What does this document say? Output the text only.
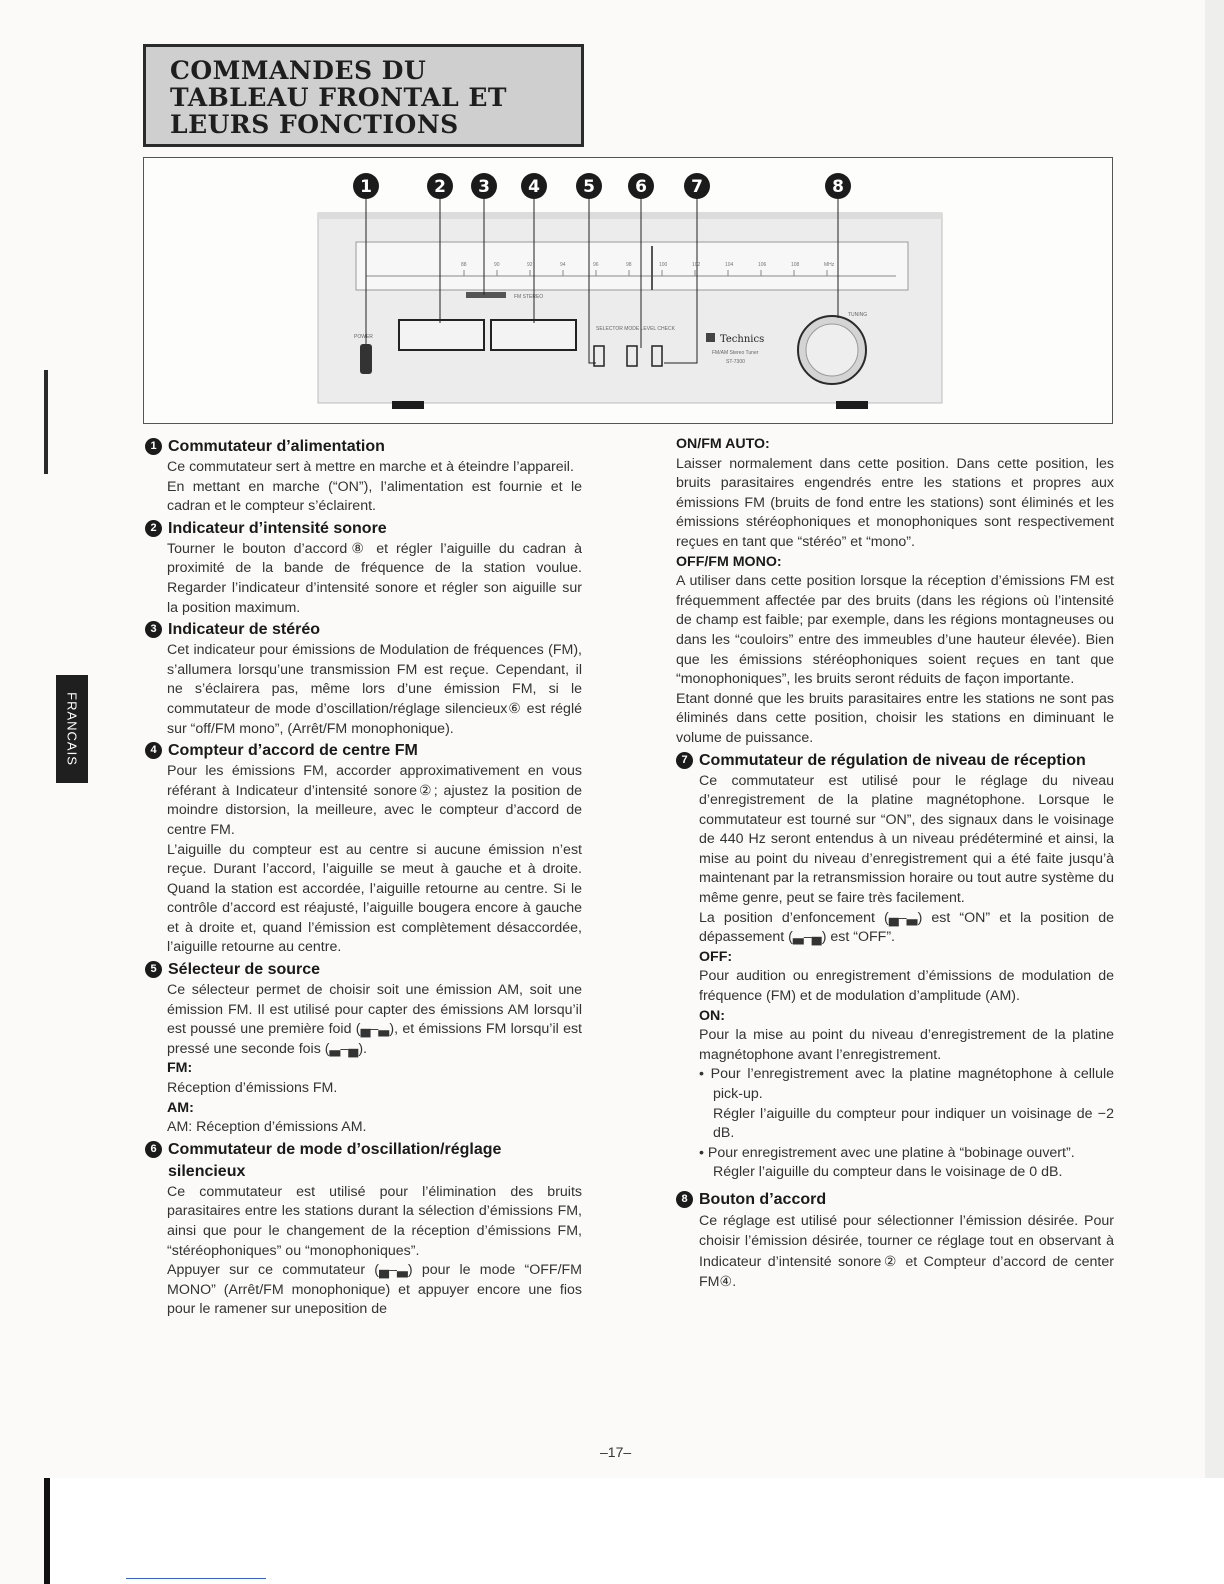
COMMANDES DU
TABLEAU FRONTAL ET
LEURS FONCTIONS
88	90	92	94	96	98	100	102	104	106	108	MHz
FM STEREO
SELECTOR MODE LEVEL CHECK
POWER	Technics
FM/AM Stereo Tuner
ST-7300
TUNING
1	2 3 4	5 6	7	8
1 Commutateur d’alimentation
Ce commutateur sert à mettre en marche et à éteindre l’appareil.
En mettant en marche (“ON”), l’alimentation est fournie et le cadran et le compteur s’éclairent.
2 Indicateur d’intensité sonore
Tourner le bouton d’accord⑧ et régler l’aiguille du cadran à proximité de la bande de fréquence de la station voulue. Regarder l’indicateur d’intensité sonore et régler son aiguille sur la position maximum.
3 Indicateur de stéréo
Cet indicateur pour émissions de Modulation de fréquences (FM), s’allumera lorsqu’une transmission FM est reçue. Cependant, il ne s’éclairera pas, même lors d’une émission FM, si le commutateur de mode d’oscillation/réglage silencieux⑥ est réglé sur “off/FM mono”, (Arrêt/FM monophonique).
4 Compteur d’accord de centre FM
Pour les émissions FM, accorder approximativement en vous référant à Indicateur d’intensité sonore②; ajustez la position de moindre distorsion, la meilleure, avec le compteur d’accord de centre FM.
L’aiguille du compteur est au centre si aucune émission n’est reçue. Durant l’accord, l’aiguille se meut à gauche et à droite. Quand la station est accordée, l’aiguille retourne au centre. Si le contrôle d’accord est réajusté, l’aiguille bougera encore à gauche et à droite et, quand l’émission est complètement désaccordée, l’aiguille retourne au centre.
5 Sélecteur de source
Ce sélecteur permet de choisir soit une émission AM, soit une émission FM. Il est utilisé pour capter des émissions AM lorsqu’il est poussé une première foid (▄–▃), et émissions FM lorsqu’il est pressé une seconde fois (▃–▄).
FM:
Réception d’émissions FM.
AM:
AM: Réception d’émissions AM.
6 Commutateur de mode d’oscillation/réglage silencieux
Ce commutateur est utilisé pour l’élimination des bruits parasitaires entre les stations durant la sélection d’émissions FM, ainsi que pour le changement de la réception d’émissions FM, “stéréophoniques” ou “monophoniques”.
Appuyer sur ce commutateur (▄–▃) pour le mode “OFF/FM MONO” (Arrêt/FM monophonique) et appuyer encore une fios pour le ramener sur uneposition de
ON/FM AUTO:
Laisser normalement dans cette position. Dans cette position, les bruits parasitaires engendrés entre les stations et propres aux émissions FM (bruits de fond entre les stations) sont éliminés et les émissions stéréophoniques et monophoniques sont respectivement reçues en tant que “stéréo” et “mono”.
OFF/FM MONO:
A utiliser dans cette position lorsque la réception d’émissions FM est fréquemment affectée par des bruits (dans les régions où l’intensité de champ est faible; par exemple, dans les régions montagneuses ou dans les “couloirs” entre des immeubles d’une hauteur élevée). Bien que les émissions stéréophoniques soient reçues en tant que “monophoniques”, les bruits seront réduits de façon importante.
Etant donné que les bruits parasitaires entre les stations ne sont pas éliminés dans cette position, choisir les stations en diminuant le volume de puissance.
7 Commutateur de régulation de niveau de réception
Ce commutateur est utilisé pour le réglage du niveau d’enregistrement de la platine magnétophone. Lorsque le commutateur est tourné sur “ON”, des signaux dans le voisinage de 440 Hz seront entendus à un niveau prédéterminé et ainsi, la mise au point du niveau d’enregistrement qui a été faite jusqu’à maintenant par la retransmission horaire ou tout autre système du même genre, peut se faire très facilement.
La position d’enfoncement (▄–▃) est “ON” et la position de dépassement (▃–▄) est “OFF”.
OFF:
Pour audition ou enregistrement d’émissions de modulation de fréquence (FM) et de modulation d’amplitude (AM).
ON:
Pour la mise au point du niveau d’enregistrement de la platine magnétophone avant l’enregistrement.
• Pour l’enregistrement avec la platine magnétophone à cellule pick-up.
Régler l’aiguille du compteur pour indiquer un voisinage de −2 dB.
• Pour enregistrement avec une platine à “bobinage ouvert”.
Régler l’aiguille du compteur dans le voisinage de 0 dB.
8 Bouton d’accord
Ce réglage est utilisé pour sélectionner l’émission désirée. Pour choisir l’émission désirée, tourner ce réglage tout en observant à Indicateur d’intensité sonore② et Compteur d’accord de center FM④.
FRANCAIS
–17–
